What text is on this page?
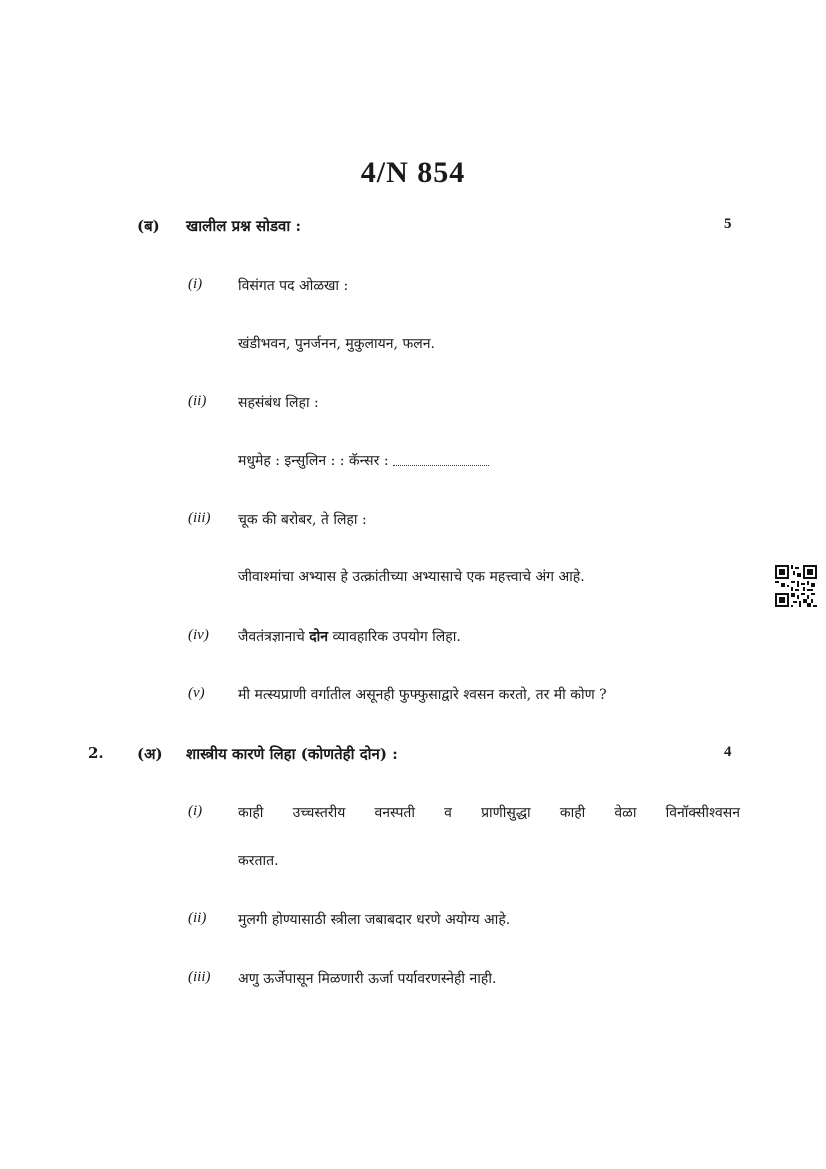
4/N 854
(ब) खालील प्रश्न सोडवा :	5
(i)	विसंगत पद ओळखा :
खंडीभवन, पुनर्जनन, मुकुलायन, फलन.
(ii) सहसंबंध लिहा :
मधुमेह : इन्सुलिन : : कॅन्सर :
(iii) चूक की बरोबर, ते लिहा :
जीवाश्मांचा अभ्यास हे उत्क्रांतीच्या अभ्यासाचे एक महत्त्वाचे अंग आहे.
(iv) जैवतंत्रज्ञानाचे दोन व्यावहारिक उपयोग लिहा.
(v) मी मत्स्यप्राणी वर्गातील असूनही फुफ्फुसाद्वारे श्वसन करतो, तर मी कोण ?
2. (अ) शास्त्रीय कारणे लिहा (कोणतेही दोन) :	4
(i)	काही उच्चस्तरीय वनस्पती व प्राणीसुद्धा काही वेळा विनॉक्सीश्वसन
करतात.
(ii) मुलगी होण्यासाठी स्त्रीला जबाबदार धरणे अयोग्य आहे.
(iii) अणु ऊर्जेपासून मिळणारी ऊर्जा पर्यावरणस्नेही नाही.
